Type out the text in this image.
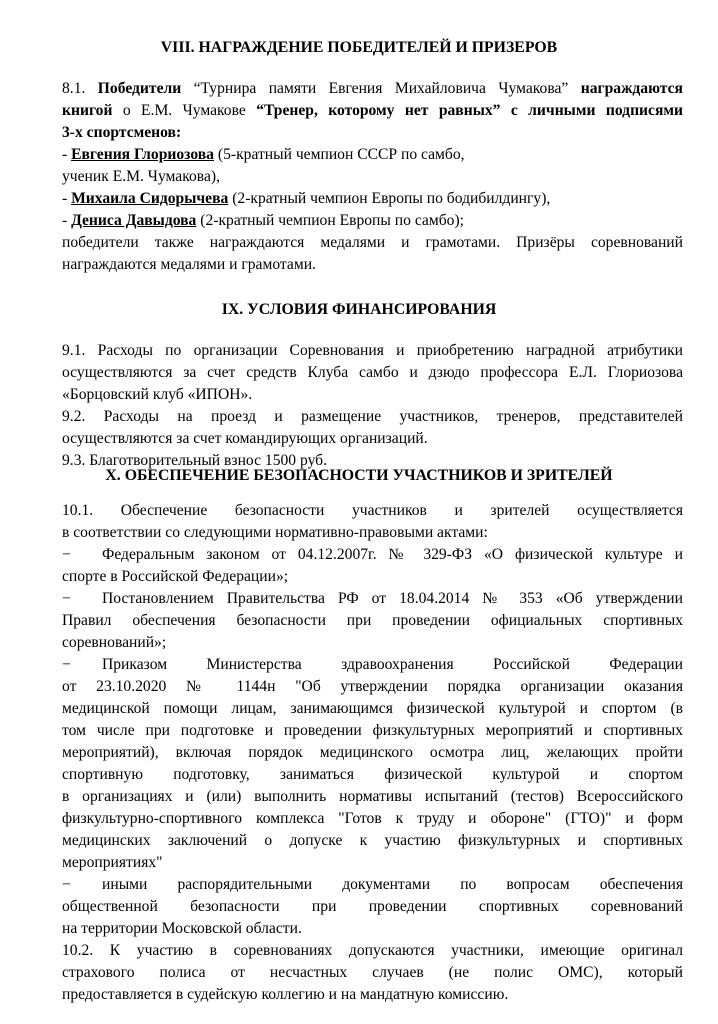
VIII. НАГРАЖДЕНИЕ ПОБЕДИТЕЛЕЙ И ПРИЗЕРОВ
8.1. Победители “Турнира памяти Евгения Михайловича Чумакова” награждаются
книгой о Е.М. Чумакове “Тренер, которому нет равных” с личными подписями
3-х спортсменов:
- Евгения Глориозова (5-кратный чемпион СССР по самбо,
ученик Е.М. Чумакова),
- Михаила Сидорычева (2-кратный чемпион Европы по бодибилдингу),
- Дениса Давыдова (2-кратный чемпион Европы по самбо);
победители также награждаются медалями и грамотами. Призёры соревнований
награждаются медалями и грамотами.
IX. УСЛОВИЯ ФИНАНСИРОВАНИЯ
9.1. Расходы по организации Соревнования и приобретению наградной атрибутики
осуществляются за счет средств Клуба самбо и дзюдо профессора Е.Л. Глориозова
«Борцовский клуб «ИПОН».
9.2. Расходы на проезд и размещение участников, тренеров, представителей
осуществляются за счет командирующих организаций.
9.3. Благотворительный взнос 1500 руб.
X. ОБЕСПЕЧЕНИЕ БЕЗОПАСНОСТИ УЧАСТНИКОВ И ЗРИТЕЛЕЙ
10.1. Обеспечение безопасности участников и зрителей осуществляется
в соответствии со следующими нормативно-правовыми актами:
− Федеральным законом от 04.12.2007г. № 329-ФЗ «О физической культуре и
спорте в Российской Федерации»;
− Постановлением Правительства РФ от 18.04.2014 № 353 «Об утверждении
Правил обеспечения безопасности при проведении официальных спортивных
соревнований»;
− Приказом Министерства здравоохранения Российской Федерации
от 23.10.2020 № 1144н "Об утверждении порядка организации оказания
медицинской помощи лицам, занимающимся физической культурой и спортом (в
том числе при подготовке и проведении физкультурных мероприятий и спортивных
мероприятий), включая порядок медицинского осмотра лиц, желающих пройти
спортивную подготовку, заниматься физической культурой и спортом
в организациях и (или) выполнить нормативы испытаний (тестов) Всероссийского
физкультурно-спортивного комплекса "Готов к труду и обороне" (ГТО)" и форм
медицинских заключений о допуске к участию физкультурных и спортивных
мероприятиях"
− иными распорядительными документами по вопросам обеспечения
общественной безопасности при проведении спортивных соревнований
на территории Московской области.
10.2. К участию в соревнованиях допускаются участники, имеющие оригинал
страхового полиса от несчастных случаев (не полис ОМС), который
предоставляется в судейскую коллегию и на мандатную комиссию.
